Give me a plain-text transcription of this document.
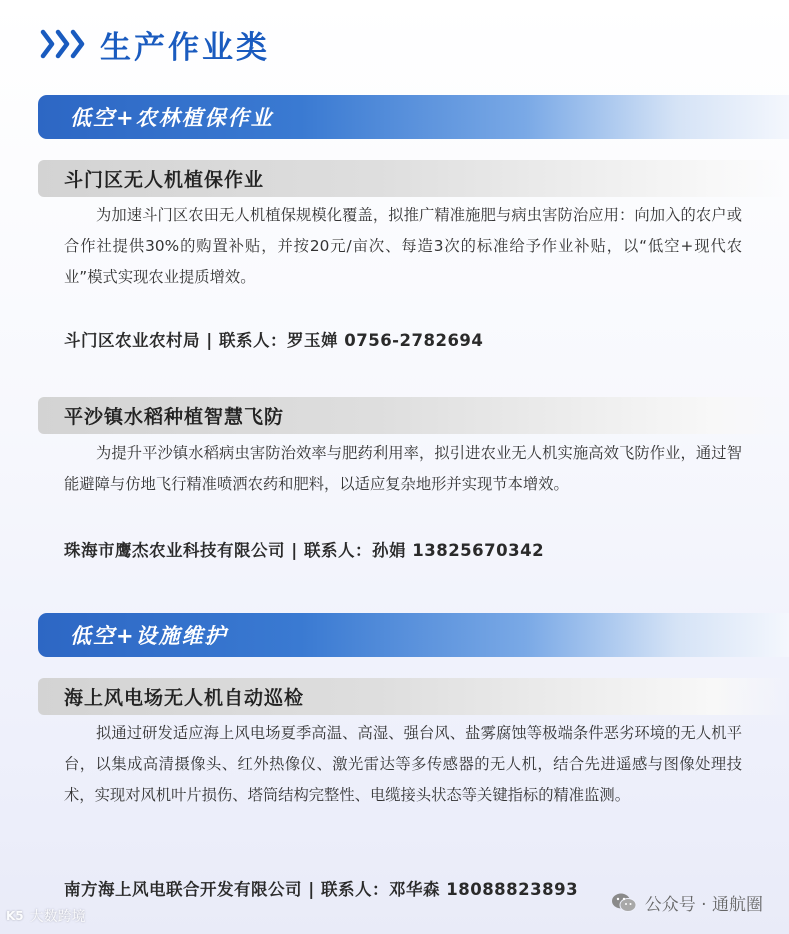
生产作业类
低空+农林植保作业
斗门区无人机植保作业

为加速斗门区农田无人机植保规模化覆盖，拟推广精准施肥与病虫害防治应用：向加入的农户或合作社提供30%的购置补贴，并按20元/亩次、每造3次的标准给予作业补贴，以“低空+现代农业”模式实现农业提质增效。

斗门区农业农村局 | 联系人：罗玉婵 0756-2782694
平沙镇水稻种植智慧飞防

为提升平沙镇水稻病虫害防治效率与肥药利用率，拟引进农业无人机实施高效飞防作业，通过智能避障与仿地飞行精准喷洒农药和肥料，以适应复杂地形并实现节本增效。

珠海市鹰杰农业科技有限公司 | 联系人：孙娟 13825670342
低空+设施维护
海上风电场无人机自动巡检

拟通过研发适应海上风电场夏季高温、高湿、强台风、盐雾腐蚀等极端条件恶劣环境的无人机平台，以集成高清摄像头、红外热像仪、激光雷达等多传感器的无人机，结合先进遥感与图像处理技术，实现对风机叶片损伤、塔筒结构完整性、电缆接头状态等关键指标的精准监测。

南方海上风电联合开发有限公司 | 联系人：邓华森 18088823893
K5 大数跨境
公众号 · 通航圈
